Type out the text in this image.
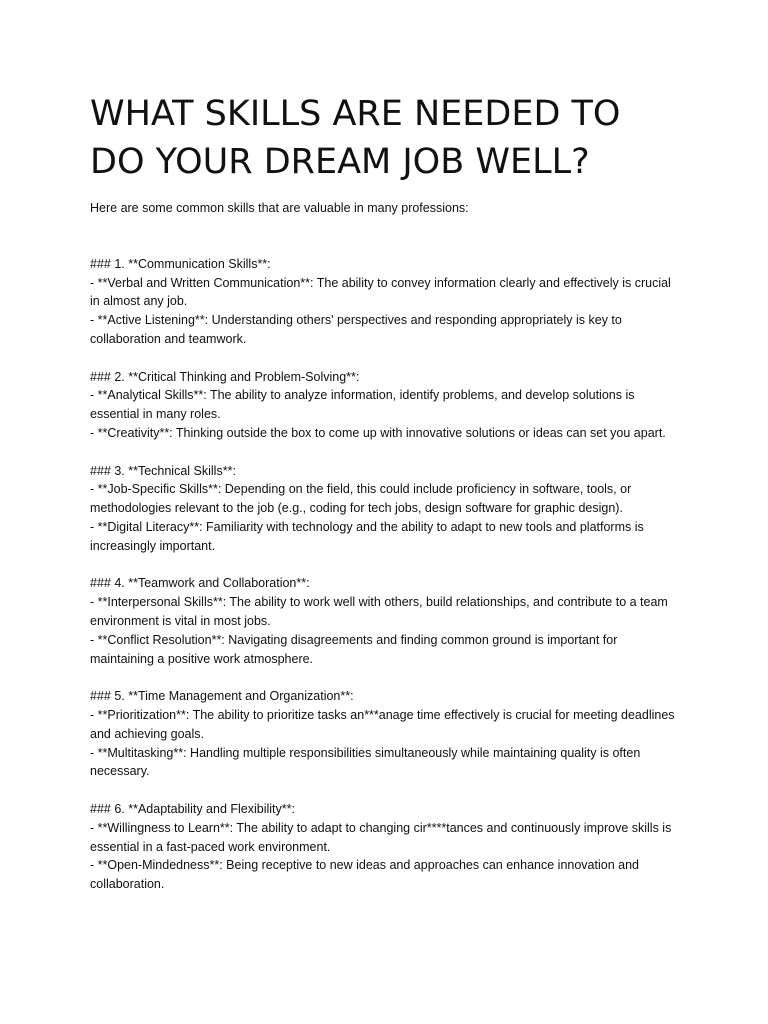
WHAT SKILLS ARE NEEDED TO DO YOUR DREAM JOB WELL?

Here are some common skills that are valuable in many professions:

### 1. **Communication Skills**:
- **Verbal and Written Communication**: The ability to convey information clearly and effectively is crucial in almost any job.
- **Active Listening**: Understanding others' perspectives and responding appropriately is key to collaboration and teamwork.
### 2. **Critical Thinking and Problem-Solving**:
- **Analytical Skills**: The ability to analyze information, identify problems, and develop solutions is essential in many roles.
- **Creativity**: Thinking outside the box to come up with innovative solutions or ideas can set you apart.
### 3. **Technical Skills**:
- **Job-Specific Skills**: Depending on the field, this could include proficiency in software, tools, or methodologies relevant to the job (e.g., coding for tech jobs, design software for graphic design).
- **Digital Literacy**: Familiarity with technology and the ability to adapt to new tools and platforms is increasingly important.
### 4. **Teamwork and Collaboration**:
- **Interpersonal Skills**: The ability to work well with others, build relationships, and contribute to a team environment is vital in most jobs.
- **Conflict Resolution**: Navigating disagreements and finding common ground is important for maintaining a positive work atmosphere.
### 5. **Time Management and Organization**:
- **Prioritization**: The ability to prioritize tasks an***anage time effectively is crucial for meeting deadlines and achieving goals.
- **Multitasking**: Handling multiple responsibilities simultaneously while maintaining quality is often necessary.
### 6. **Adaptability and Flexibility**:
- **Willingness to Learn**: The ability to adapt to changing cir****tances and continuously improve skills is essential in a fast-paced work environment.
- **Open-Mindedness**: Being receptive to new ideas and approaches can enhance innovation and collaboration.
